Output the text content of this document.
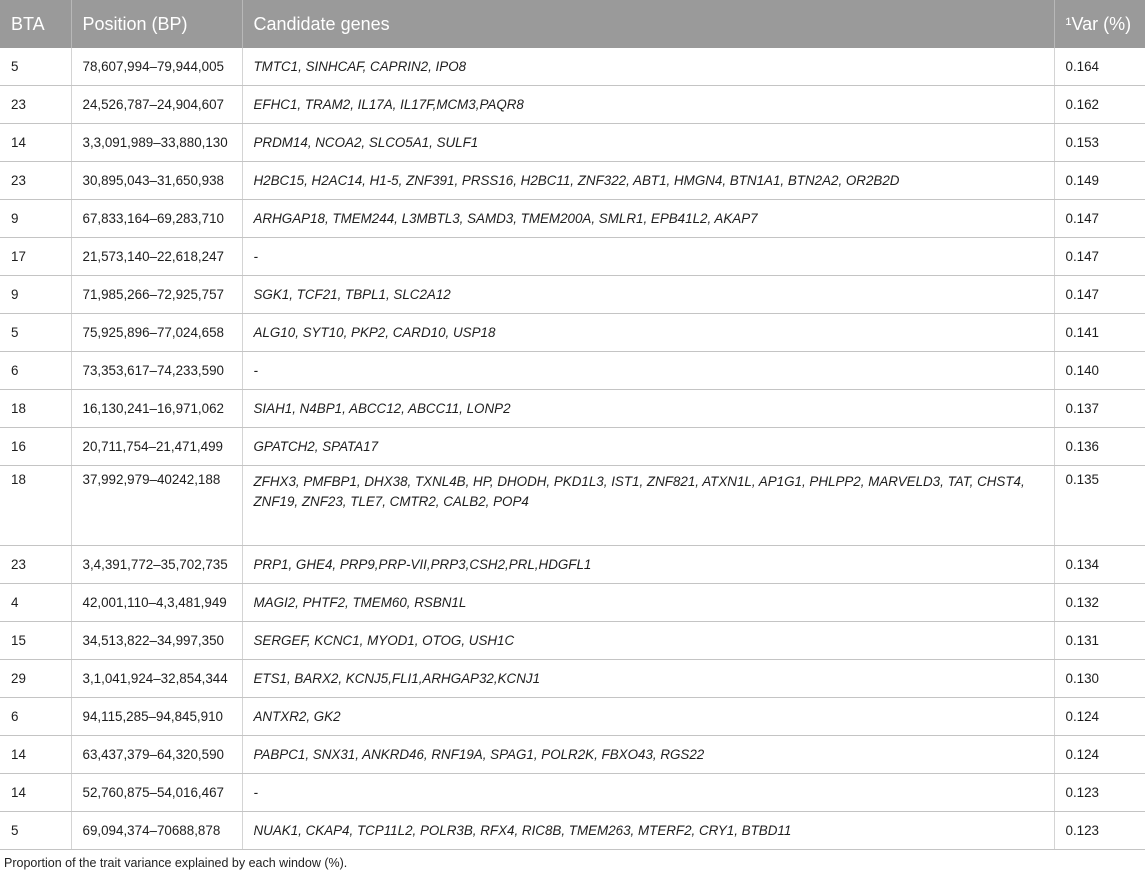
BTA	Position (BP)	Candidate genes	¹Var (%)
5	78,607,994–79,944,005	TMTC1, SINHCAF, CAPRIN2, IPO8	0.164
23	24,526,787–24,904,607	EFHC1, TRAM2, IL17A, IL17F,MCM3,PAQR8	0.162
14	3,3,091,989–33,880,130	PRDM14, NCOA2, SLCO5A1, SULF1	0.153
23	30,895,043–31,650,938	H2BC15, H2AC14, H1-5, ZNF391, PRSS16, H2BC11, ZNF322, ABT1, HMGN4, BTN1A1, BTN2A2, OR2B2D	0.149
9	67,833,164–69,283,710	ARHGAP18, TMEM244, L3MBTL3, SAMD3, TMEM200A, SMLR1, EPB41L2, AKAP7	0.147
17	21,573,140–22,618,247	-	0.147
9	71,985,266–72,925,757	SGK1, TCF21, TBPL1, SLC2A12	0.147
5	75,925,896–77,024,658	ALG10, SYT10, PKP2, CARD10, USP18	0.141
6	73,353,617–74,233,590	-	0.140
18	16,130,241–16,971,062	SIAH1, N4BP1, ABCC12, ABCC11, LONP2	0.137
16	20,711,754–21,471,499	GPATCH2, SPATA17	0.136
18	37,992,979–40242,188	ZFHX3, PMFBP1, DHX38, TXNL4B, HP, DHODH, PKD1L3, IST1, ZNF821, ATXN1L, AP1G1, PHLPP2, MARVELD3, TAT, CHST4, ZNF19, ZNF23, TLE7, CMTR2, CALB2, POP4	0.135
23	3,4,391,772–35,702,735	PRP1, GHE4, PRP9,PRP-VII,PRP3,CSH2,PRL,HDGFL1	0.134
4	42,001,110–4,3,481,949	MAGI2, PHTF2, TMEM60, RSBN1L	0.132
15	34,513,822–34,997,350	SERGEF, KCNC1, MYOD1, OTOG, USH1C	0.131
29	3,1,041,924–32,854,344	ETS1, BARX2, KCNJ5,FLI1,ARHGAP32,KCNJ1	0.130
6	94,115,285–94,845,910	ANTXR2, GK2	0.124
14	63,437,379–64,320,590	PABPC1, SNX31, ANKRD46, RNF19A, SPAG1, POLR2K, FBXO43, RGS22	0.124
14	52,760,875–54,016,467	-	0.123
5	69,094,374–70688,878	NUAK1, CKAP4, TCP11L2, POLR3B, RFX4, RIC8B, TMEM263, MTERF2, CRY1, BTBD11	0.123
Proportion of the trait variance explained by each window (%).
